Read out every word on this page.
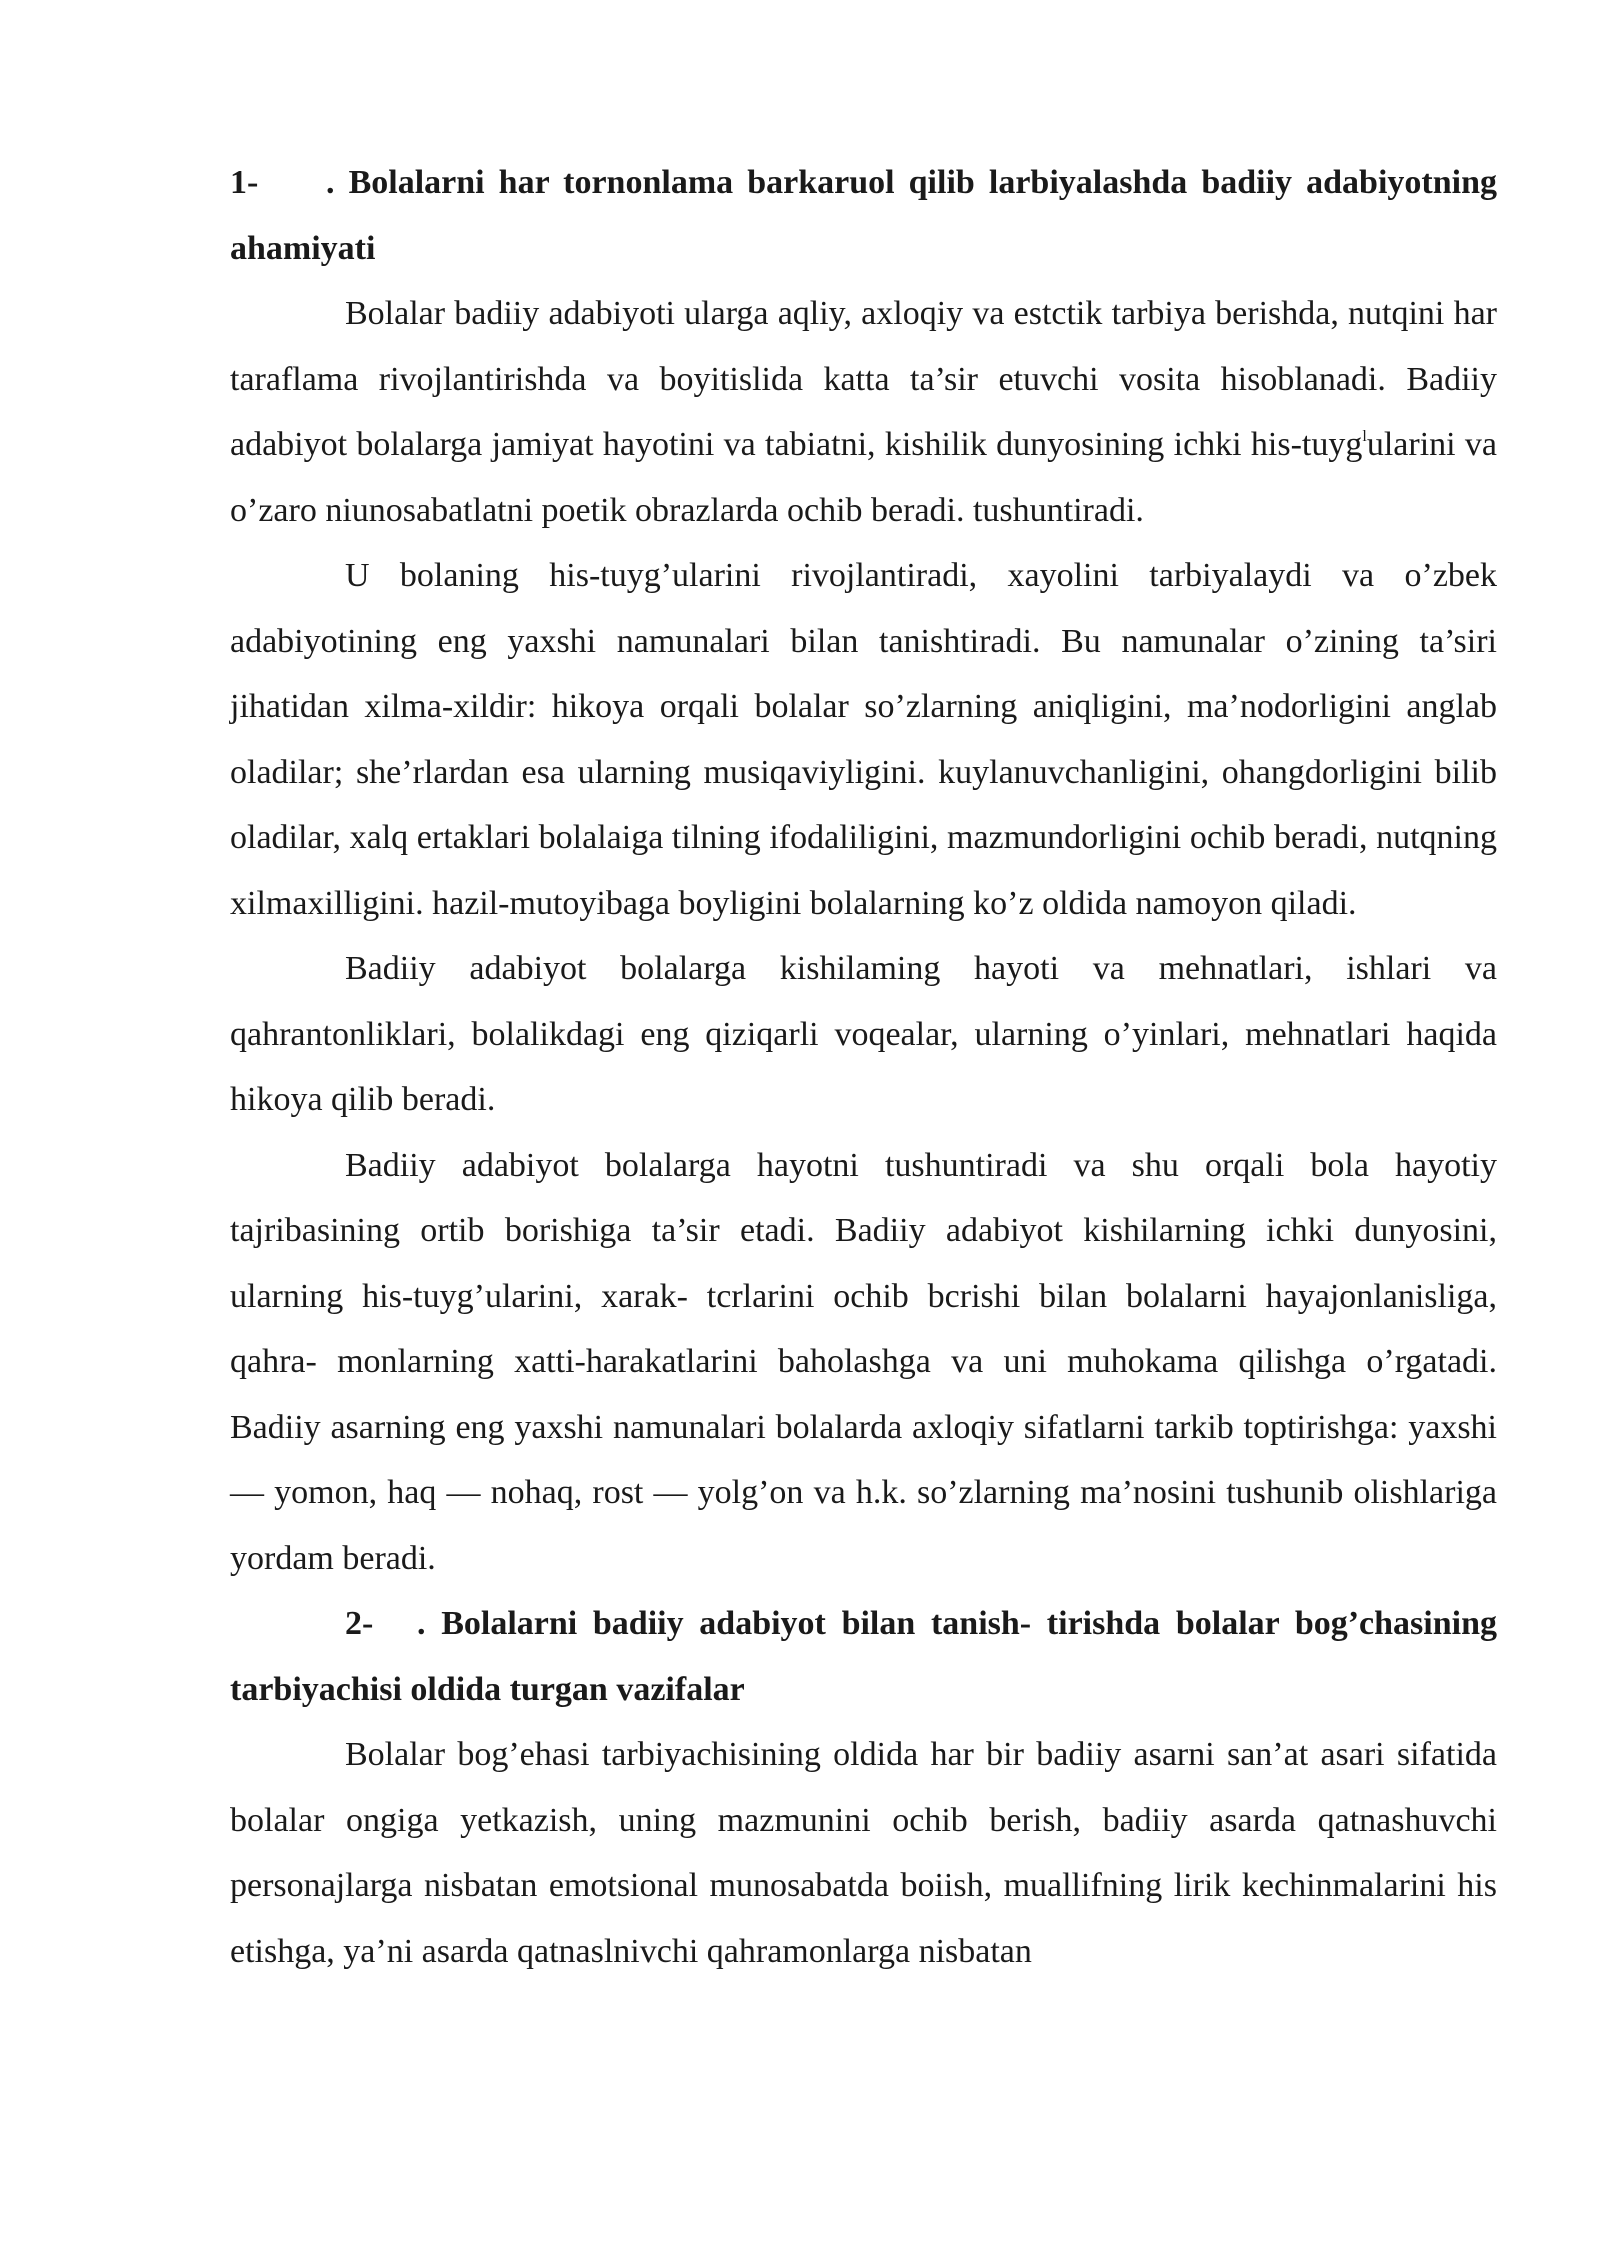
1- . Bolalarni har tornonlama barkaruol qilib larbiyalashda badiiy adabiyotning ahamiyati

Bolalar badiiy adabiyoti ularga aqliy, axloqiy va estctik tarbiya berishda, nutqini har taraflama rivojlantirishda va boyitislida katta ta’sir etuvchi vosita hisoblanadi. Badiiy adabiyot bolalarga jamiyat hayotini va tabiatni, kishilik dunyosining ichki his-tuyg$^l$ularini va o’zaro niunosabatlatni poetik obrazlarda ochib beradi. tushuntiradi.

U bolaning his-tuyg’ularini rivojlantiradi, xayolini tarbiyalaydi va o’zbek adabiyotining eng yaxshi namunalari bilan tanishtiradi. Bu namunalar o’zining ta’siri jihatidan xilma-xildir: hikoya orqali bolalar so’zlarning aniqligini, ma’nodorligini anglab oladilar; she’rlardan esa ularning musiqaviyligini. kuylanuvchanligini, ohangdorligini bilib oladilar, xalq ertaklari bolalaiga tilning ifodaliligini, mazmundorligini ochib beradi, nutqning xilmaxilligini. hazil-mutoyibaga boyligini bolalarning ko’z oldida namoyon qiladi.

Badiiy adabiyot bolalarga kishilaming hayoti va mehnatlari, ishlari va qahrantonliklari, bolalikdagi eng qiziqarli voqealar, ularning o’yinlari, mehnatlari haqida hikoya qilib beradi.

Badiiy adabiyot bolalarga hayotni tushuntiradi va shu orqali bola hayotiy tajribasining ortib borishiga ta’sir etadi. Badiiy adabiyot kishilarning ichki dunyosini, ularning his-tuyg’ularini, xarak- tcrlarini ochib bcrishi bilan bolalarni hayajonlanisliga, qahra- monlarning xatti-harakatlarini baholashga va uni muhokama qilishga o’rgatadi. Badiiy asarning eng yaxshi namunalari bolalarda axloqiy sifatlarni tarkib toptirishga: yaxshi — yomon, haq — nohaq, rost — yolg’on va h.k. so’zlarning ma’nosini tushunib olishlariga yordam beradi.

2- . Bolalarni badiiy adabiyot bilan tanish- tirishda bolalar bog’chasining tarbiyachisi oldida turgan vazifalar

Bolalar bog’ehasi tarbiyachisining oldida har bir badiiy asarni san’at asari sifatida bolalar ongiga yetkazish, uning mazmunini ochib berish, badiiy asarda qatnashuvchi personajlarga nisbatan emotsional munosabatda boiish, muallifning lirik kechinmalarini his etishga, ya’ni asarda qatnaslnivchi qahramonlarga nisbatan
